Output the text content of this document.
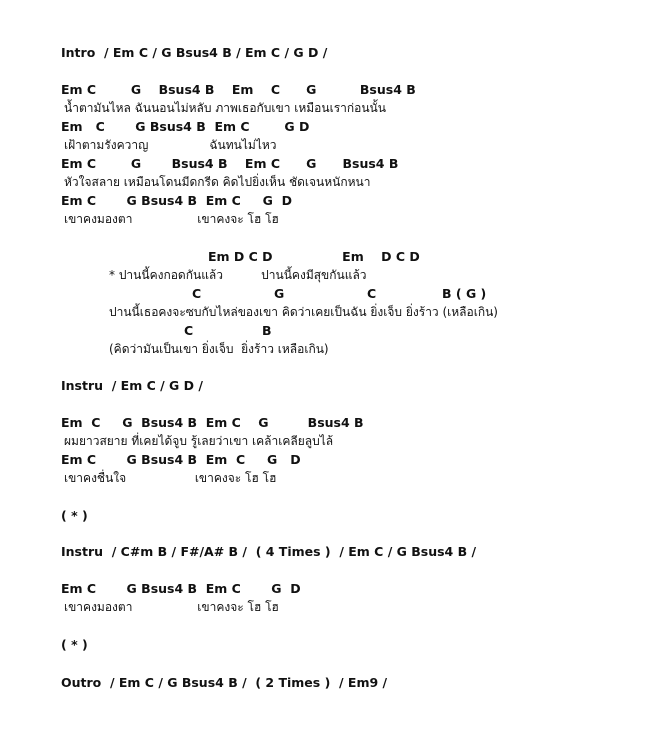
Intro  / Em C / G Bsus4 B / Em C / G D /
Em C        G    Bsus4 B    Em    C      G          Bsus4 B
น้ำตามันไหล ฉันนอนไม่หลับ ภาพเธอกับเขา เหมือนเราก่อนนั้น
Em   C       G Bsus4 B  Em C        G D
เฝ้าตามรังควาญ                ฉันทนไม่ไหว
Em C        G       Bsus4 B    Em C      G      Bsus4 B
หัวใจสลาย เหมือนโดนมีดกรีด คิดไปยิ่งเห็น ชัดเจนหนักหนา
Em C       G Bsus4 B  Em C     G  D
เขาคงมองตา                 เขาคงจะ โฮ โฮ
Em D C D                Em    D C D
* ปานนี้คงกอดกันแล้ว          ปานนี้คงมีสุขกันแล้ว
C	G	C	B ( G )
ปานนี้เธอคงจะซบกับไหล่ของเขา คิดว่าเคยเป็นฉัน ยิ่งเจ็บ ยิ่งร้าว (เหลือเกิน)
C	B
(คิดว่ามันเป็นเขา ยิ่งเจ็บ  ยิ่งร้าว เหลือเกิน)
Instru  / Em C / G D /
Em  C     G  Bsus4 B  Em C    G         Bsus4 B
ผมยาวสยาย ที่เคยได้จูบ รู้เลยว่าเขา เคล้าเคลียลูบไล้
Em C       G Bsus4 B  Em  C     G   D
เขาคงชื่นใจ                  เขาคงจะ โฮ โฮ
( * )
Instru  / C#m B / F#/A# B /  ( 4 Times )  / Em C / G Bsus4 B /
Em C       G Bsus4 B  Em C       G  D
เขาคงมองตา                 เขาคงจะ โฮ โฮ
( * )
Outro  / Em C / G Bsus4 B /  ( 2 Times )  / Em9 /
